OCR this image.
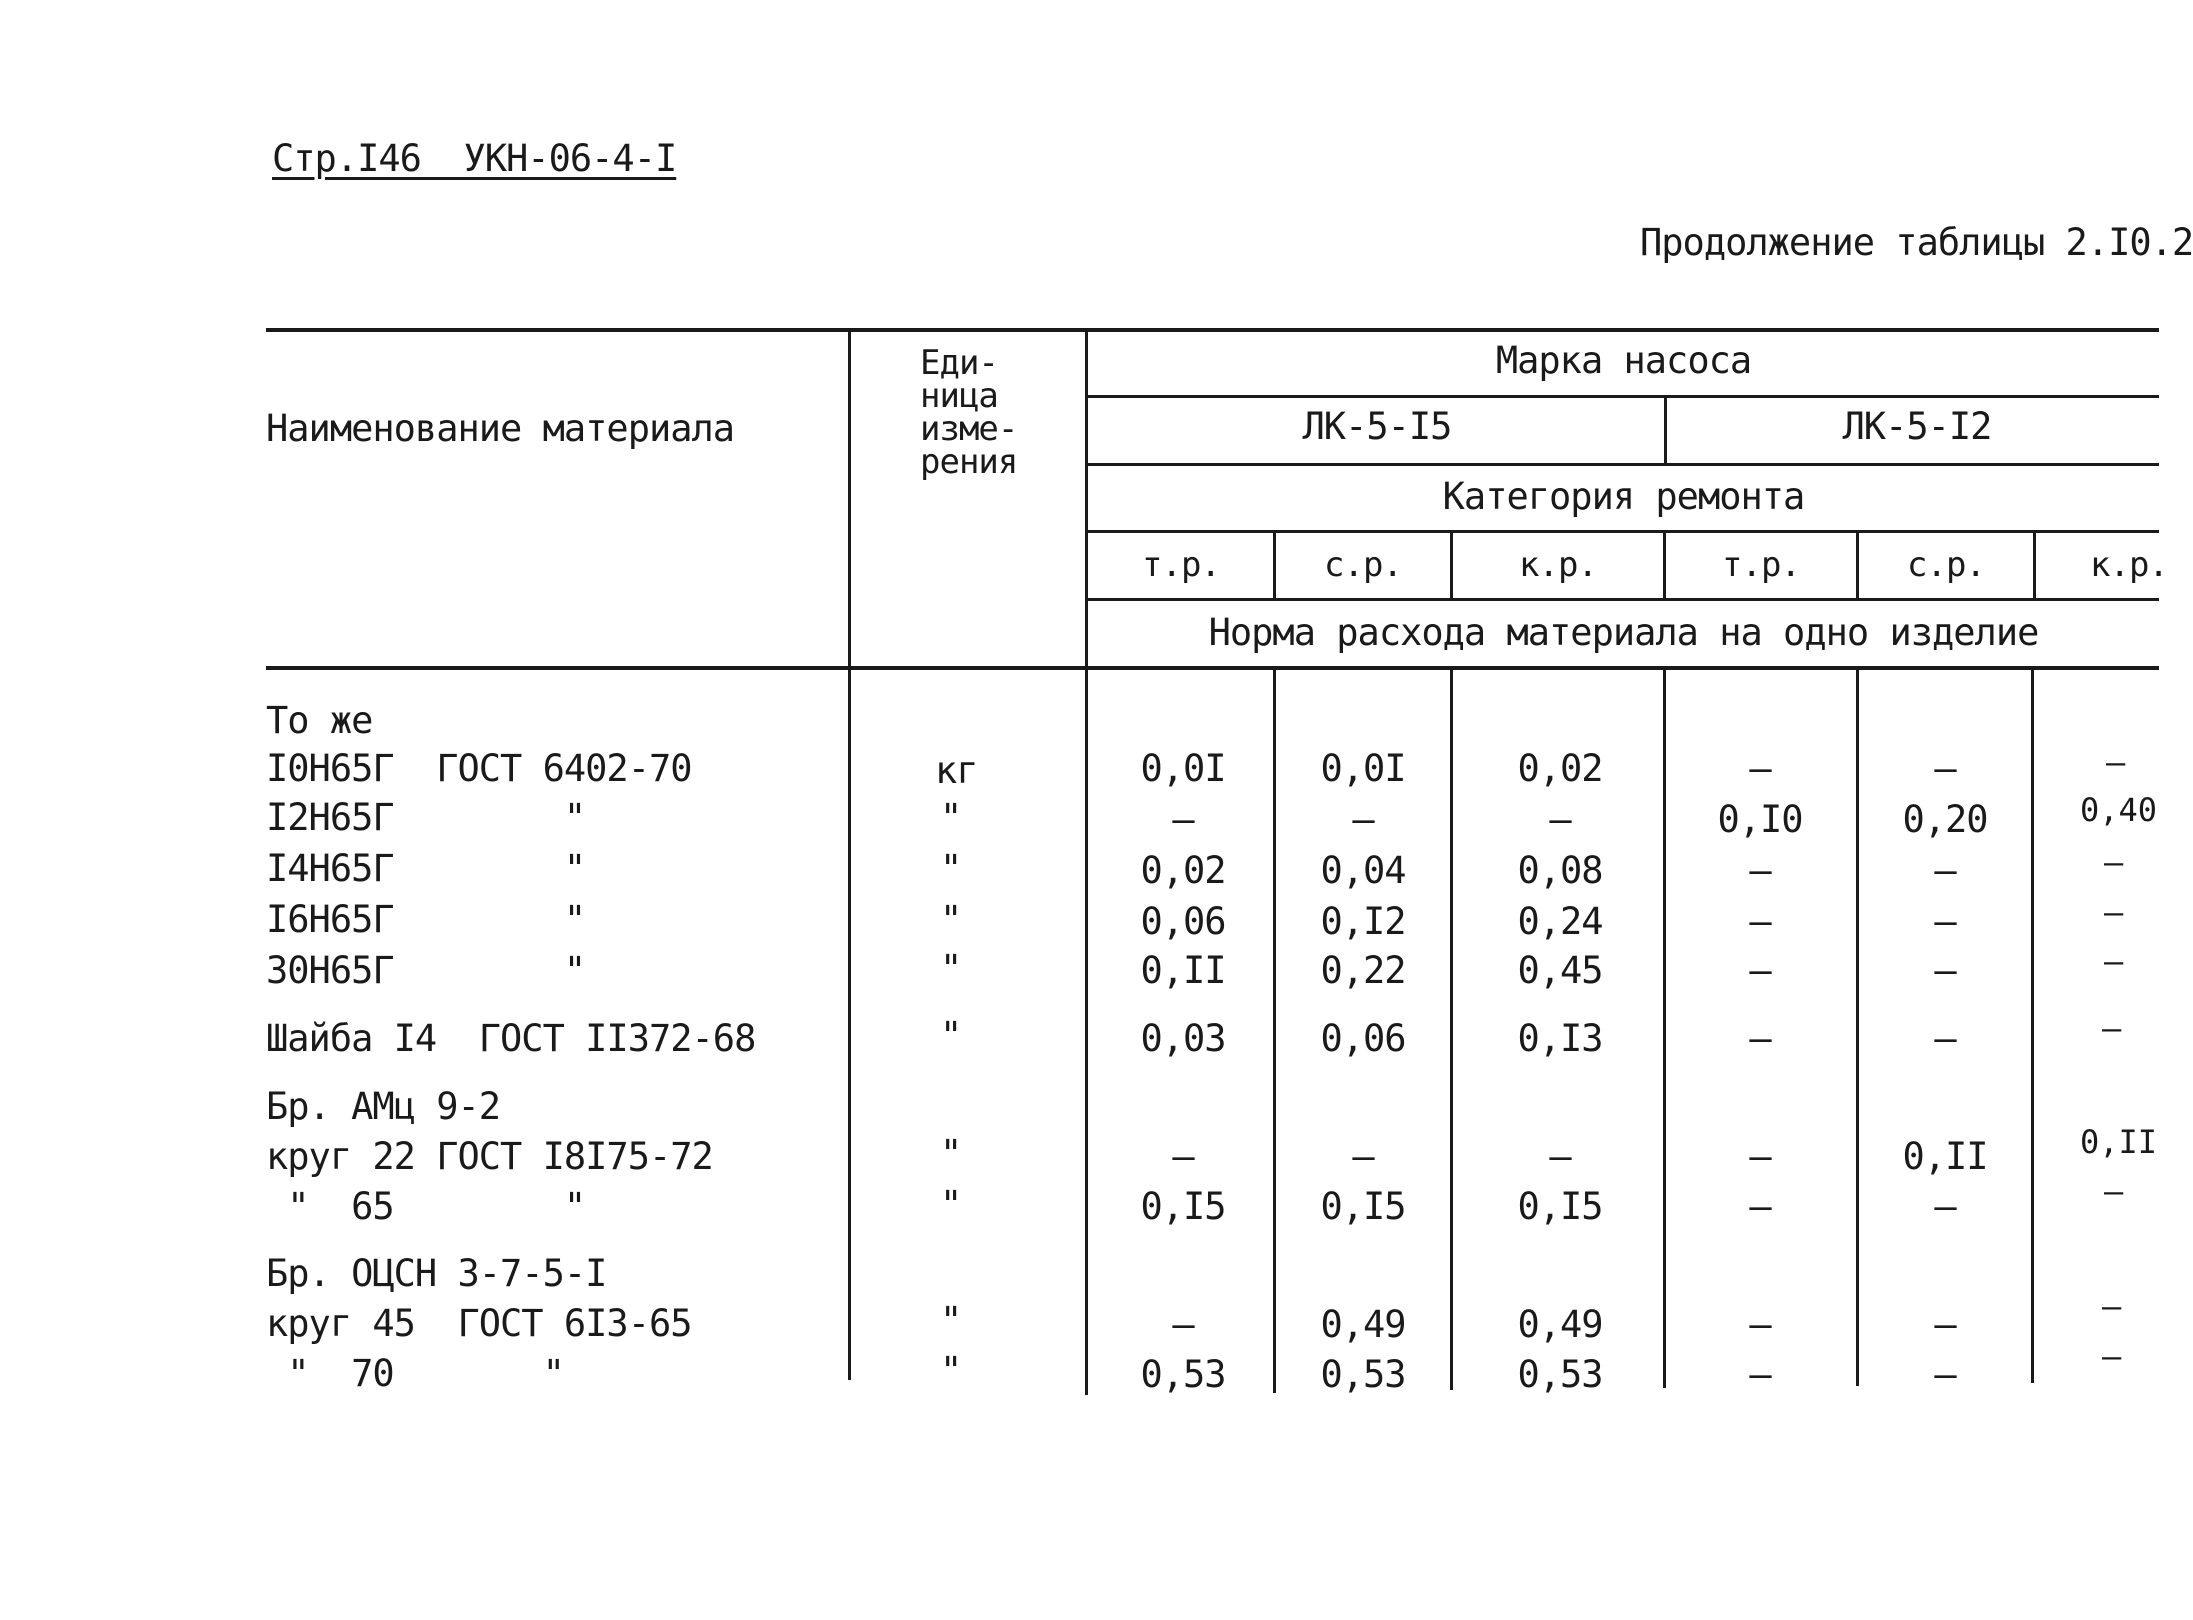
Стр.I46  УКН-06-4-I
Продолжение таблицы 2.I0.2
Наименование материала
Еди-
ница
изме-
рения
Марка насоса
ЛК-5-I5	ЛК-5-I2
Категория ремонта
т.р.	с.р.	к.р.	т.р.	с.р.	к.р.
Норма расхода материала на одно изделие
То же
I0Н65Г  ГОСТ 6402-70	кг	0,0I	0,0I	0,02	–	–	–
I2Н65Г        "	"	–	–	–	0,I0	0,20	0,40
I4Н65Г        "	"	0,02	0,04	0,08	–	–	–
I6Н65Г        "	"	0,06	0,I2	0,24	–	–	–
30Н65Г        "	"	0,II	0,22	0,45	–	–	–
Шайба I4  ГОСТ II372-68	"	0,03	0,06	0,I3	–	–	–
Бр. АМц 9-2
круг 22 ГОСТ I8I75-72	"	–	–	–	–	0,II	0,II
"  65        "	"	0,I5	0,I5	0,I5	–	–	–
Бр. ОЦСН 3-7-5-I
круг 45  ГОСТ 6I3-65	"	–	0,49	0,49	–	–	–
"  70       "	"	0,53	0,53	0,53	–	–	–
